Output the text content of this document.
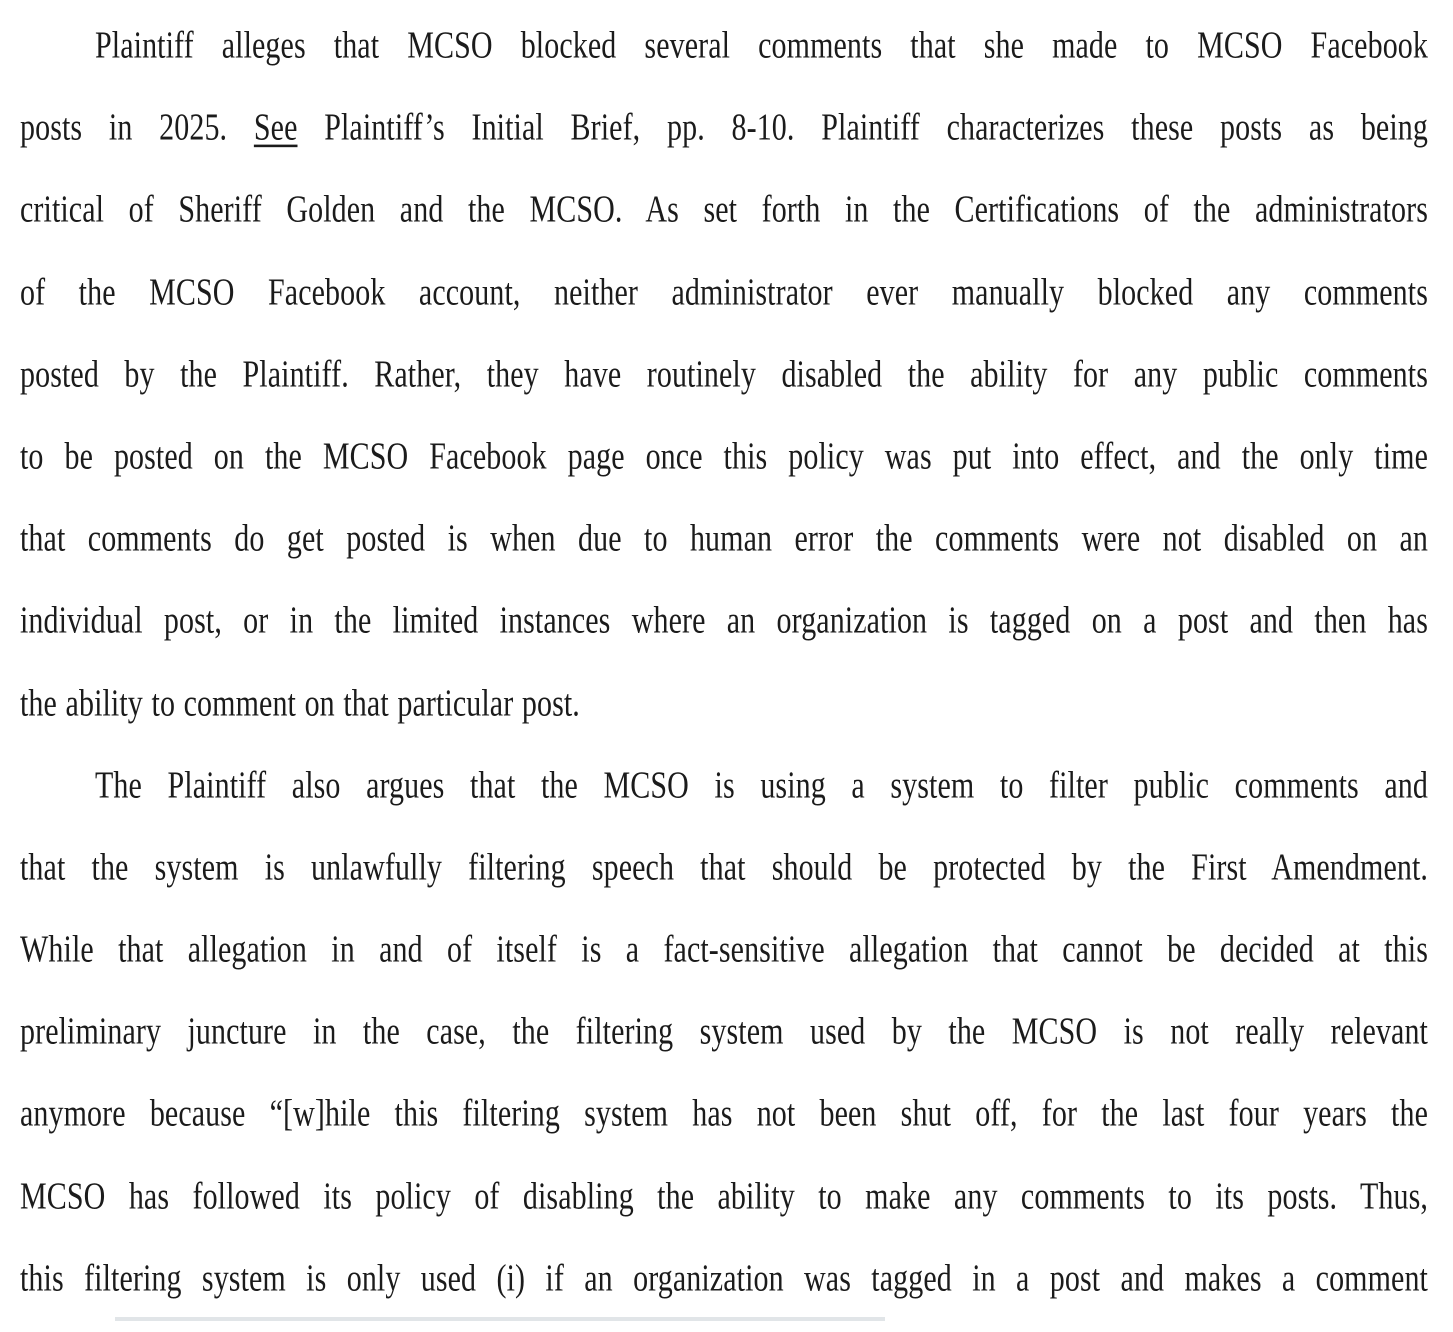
Plaintiff alleges that MCSO blocked several comments that she made to MCSO Facebook
posts in 2025. See Plaintiff’s Initial Brief, pp. 8-10. Plaintiff characterizes these posts as being
critical of Sheriff Golden and the MCSO. As set forth in the Certifications of the administrators
of the MCSO Facebook account, neither administrator ever manually blocked any comments
posted by the Plaintiff. Rather, they have routinely disabled the ability for any public comments
to be posted on the MCSO Facebook page once this policy was put into effect, and the only time
that comments do get posted is when due to human error the comments were not disabled on an
individual post, or in the limited instances where an organization is tagged on a post and then has
the ability to comment on that particular post.
The Plaintiff also argues that the MCSO is using a system to filter public comments and
that the system is unlawfully filtering speech that should be protected by the First Amendment.
While that allegation in and of itself is a fact-sensitive allegation that cannot be decided at this
preliminary juncture in the case, the filtering system used by the MCSO is not really relevant
anymore because “[w]hile this filtering system has not been shut off, for the last four years the
MCSO has followed its policy of disabling the ability to make any comments to its posts. Thus,
this filtering system is only used (i) if an organization was tagged in a post and makes a comment
